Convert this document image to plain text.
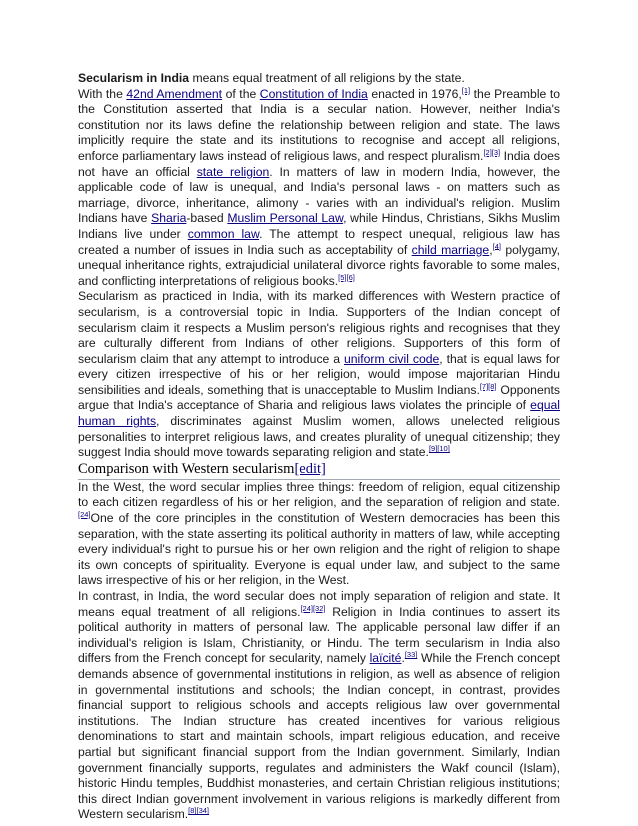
Secularism in India means equal treatment of all religions by the state.

With the 42nd Amendment of the Constitution of India enacted in 1976,[1] the Preamble to the Constitution asserted that India is a secular nation. However, neither India's constitution nor its laws define the relationship between religion and state. The laws implicitly require the state and its institutions to recognise and accept all religions, enforce parliamentary laws instead of religious laws, and respect pluralism.[2][3] India does not have an official state religion. In matters of law in modern India, however, the applicable code of law is unequal, and India's personal laws - on matters such as marriage, divorce, inheritance, alimony - varies with an individual's religion. Muslim Indians have Sharia-based Muslim Personal Law, while Hindus, Christians, Sikhs Muslim Indians live under common law. The attempt to respect unequal, religious law has created a number of issues in India such as acceptability of child marriage,[4] polygamy, unequal inheritance rights, extrajudicial unilateral divorce rights favorable to some males, and conflicting interpretations of religious books.[5][6]

Secularism as practiced in India, with its marked differences with Western practice of secularism, is a controversial topic in India. Supporters of the Indian concept of secularism claim it respects a Muslim person's religious rights and recognises that they are culturally different from Indians of other religions. Supporters of this form of secularism claim that any attempt to introduce a uniform civil code, that is equal laws for every citizen irrespective of his or her religion, would impose majoritarian Hindu sensibilities and ideals, something that is unacceptable to Muslim Indians.[7][8] Opponents argue that India's acceptance of Sharia and religious laws violates the principle of equal human rights, discriminates against Muslim women, allows unelected religious personalities to interpret religious laws, and creates plurality of unequal citizenship; they suggest India should move towards separating religion and state.[9][10]

Comparison with Western secularism[edit]

In the West, the word secular implies three things: freedom of religion, equal citizenship to each citizen regardless of his or her religion, and the separation of religion and state.[24]One of the core principles in the constitution of Western democracies has been this separation, with the state asserting its political authority in matters of law, while accepting every individual's right to pursue his or her own religion and the right of religion to shape its own concepts of spirituality. Everyone is equal under law, and subject to the same laws irrespective of his or her religion, in the West.

In contrast, in India, the word secular does not imply separation of religion and state. It means equal treatment of all religions.[24][32] Religion in India continues to assert its political authority in matters of personal law. The applicable personal law differ if an individual's religion is Islam, Christianity, or Hindu. The term secularism in India also differs from the French concept for secularity, namely laïcité.[33] While the French concept demands absence of governmental institutions in religion, as well as absence of religion in governmental institutions and schools; the Indian concept, in contrast, provides financial support to religious schools and accepts religious law over governmental institutions. The Indian structure has created incentives for various religious denominations to start and maintain schools, impart religious education, and receive partial but significant financial support from the Indian government. Similarly, Indian government financially supports, regulates and administers the Wakf council (Islam), historic Hindu temples, Buddhist monasteries, and certain Christian religious institutions; this direct Indian government involvement in various religions is markedly different from Western secularism.[8][34]
